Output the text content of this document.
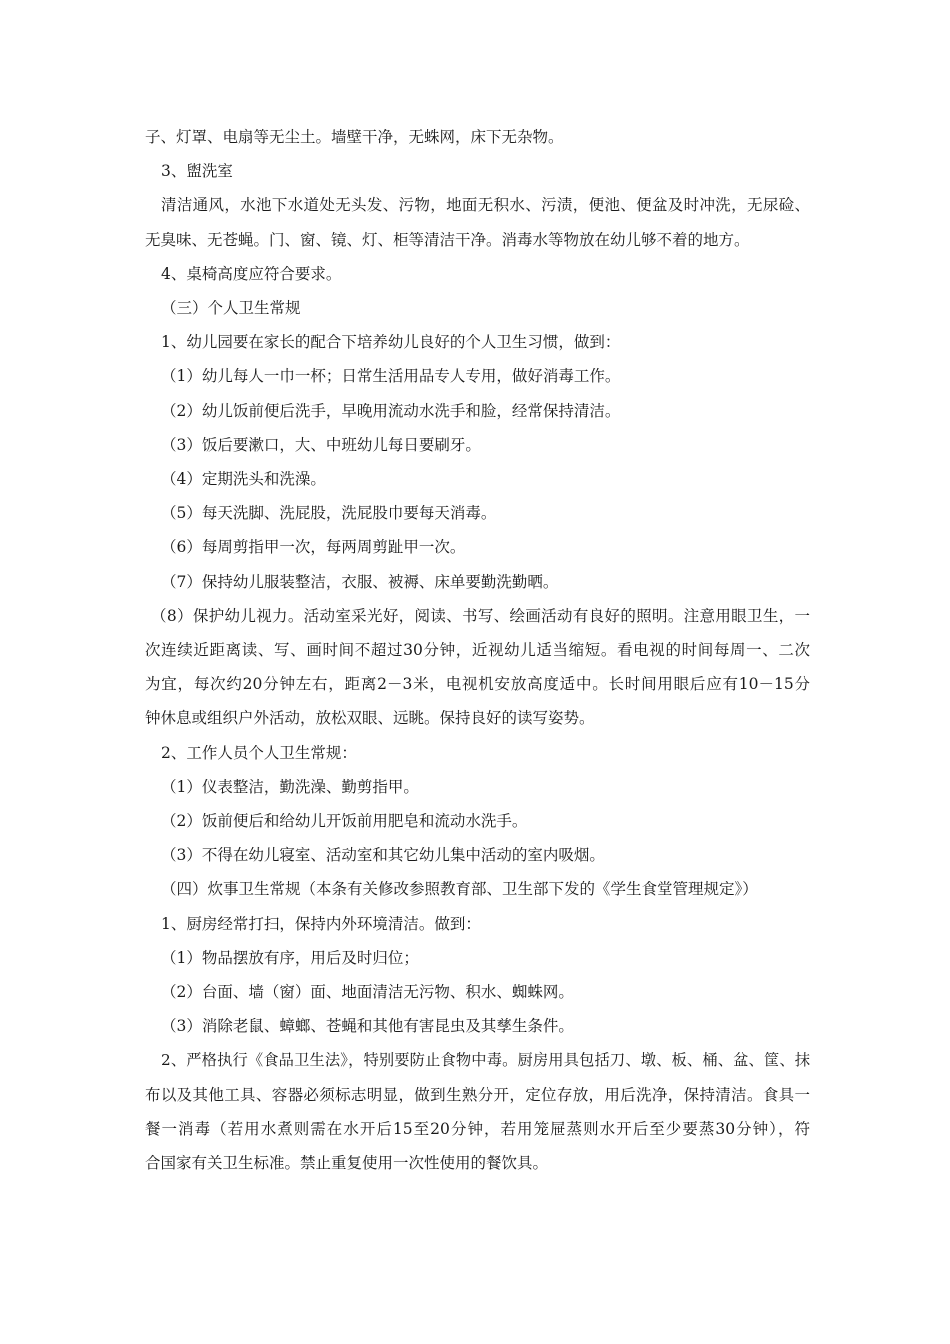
子、灯罩、电扇等无尘土。墙壁干净，无蛛网，床下无杂物。

3、盥洗室

清洁通风，水池下水道处无头发、污物，地面无积水、污渍，便池、便盆及时冲洗，无尿硷、

无臭味、无苍蝇。门、窗、镜、灯、柜等清洁干净。消毒水等物放在幼儿够不着的地方。

4、桌椅高度应符合要求。

（三）个人卫生常规

1、幼儿园要在家长的配合下培养幼儿良好的个人卫生习惯，做到：

（1）幼儿每人一巾一杯；日常生活用品专人专用，做好消毒工作。

（2）幼儿饭前便后洗手，早晚用流动水洗手和脸，经常保持清洁。

（3）饭后要漱口，大、中班幼儿每日要刷牙。

（4）定期洗头和洗澡。

（5）每天洗脚、洗屁股，洗屁股巾要每天消毒。

（6）每周剪指甲一次，每两周剪趾甲一次。

（7）保持幼儿服装整洁，衣服、被褥、床单要勤洗勤晒。

（8）保护幼儿视力。活动室采光好，阅读、书写、绘画活动有良好的照明。注意用眼卫生，一

次连续近距离读、写、画时间不超过30分钟，近视幼儿适当缩短。看电视的时间每周一、二次

为宜，每次约20分钟左右，距离2－3米，电视机安放高度适中。长时间用眼后应有10－15分

钟休息或组织户外活动，放松双眼、远眺。保持良好的读写姿势。

2、工作人员个人卫生常规：

（1）仪表整洁，勤洗澡、勤剪指甲。

（2）饭前便后和给幼儿开饭前用肥皂和流动水洗手。

（3）不得在幼儿寝室、活动室和其它幼儿集中活动的室内吸烟。

（四）炊事卫生常规（本条有关修改参照教育部、卫生部下发的《学生食堂管理规定》）

1、厨房经常打扫，保持内外环境清洁。做到：

（1）物品摆放有序，用后及时归位；

（2）台面、墙（窗）面、地面清洁无污物、积水、蜘蛛网。

（3）消除老鼠、蟑螂、苍蝇和其他有害昆虫及其孳生条件。

2、严格执行《食品卫生法》，特别要防止食物中毒。厨房用具包括刀、墩、板、桶、盆、筐、抹

布以及其他工具、容器必须标志明显，做到生熟分开，定位存放，用后洗净，保持清洁。食具一

餐一消毒（若用水煮则需在水开后15至20分钟，若用笼屉蒸则水开后至少要蒸30分钟），符

合国家有关卫生标准。禁止重复使用一次性使用的餐饮具。
